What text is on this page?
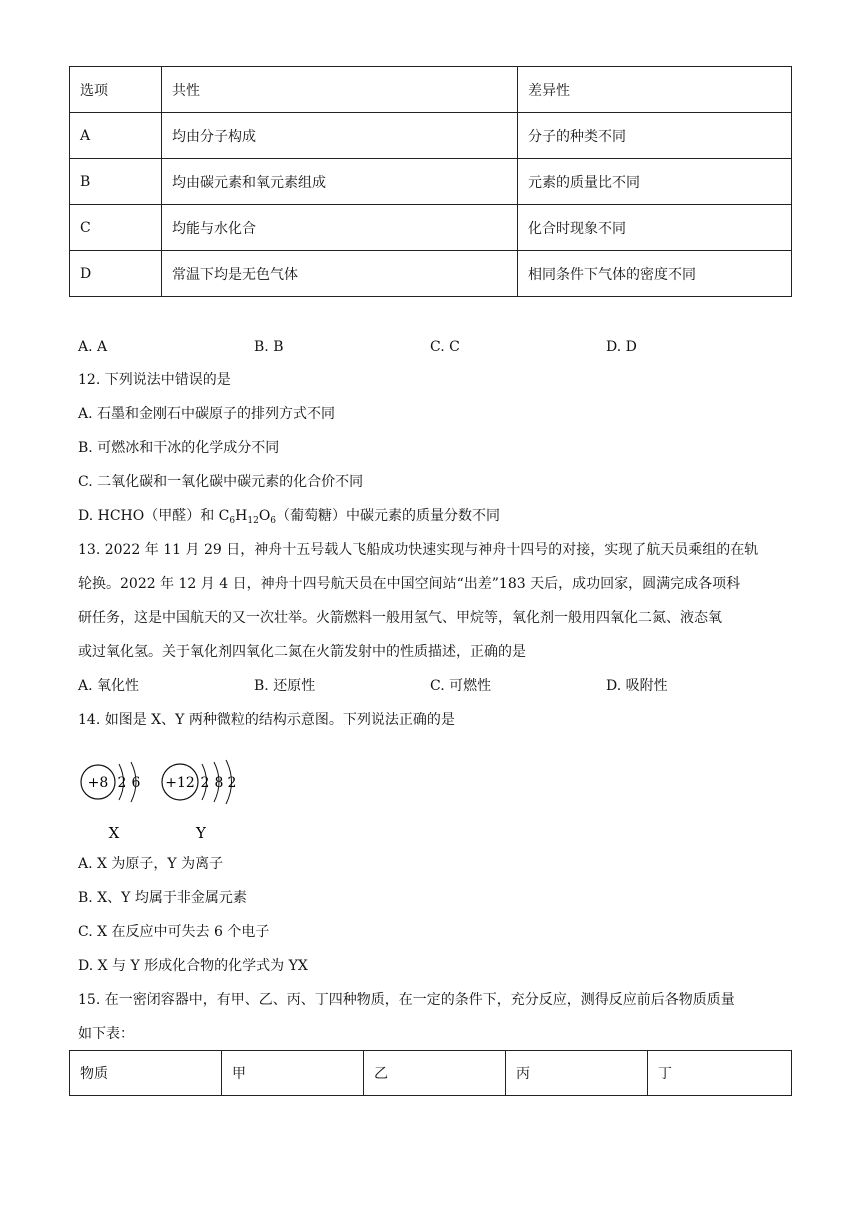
选项	共性	差异性
A	均由分子构成	分子的种类不同
B	均由碳元素和氧元素组成	元素的质量比不同
C	均能与水化合	化合时现象不同
D	常温下均是无色气体	相同条件下气体的密度不同
A. A	B. B	C. C	D. D
12. 下列说法中错误的是
A. 石墨和金刚石中碳原子的排列方式不同
B. 可燃冰和干冰的化学成分不同
C. 二氧化碳和一氧化碳中碳元素的化合价不同
D. HCHO（甲醛）和 $C_6H_{12}O_6$（葡萄糖）中碳元素的质量分数不同
13. 2022 年 11 月 29 日，神舟十五号载人飞船成功快速实现与神舟十四号的对接，实现了航天员乘组的在轨
轮换。2022 年 12 月 4 日，神舟十四号航天员在中国空间站“出差”183 天后，成功回家，圆满完成各项科
研任务，这是中国航天的又一次壮举。火箭燃料一般用氢气、甲烷等，氧化剂一般用四氧化二氮、液态氧
或过氧化氢。关于氧化剂四氧化二氮在火箭发射中的性质描述，正确的是
A. 氧化性	B. 还原性	C. 可燃性	D. 吸附性
14. 如图是 X、Y 两种微粒的结构示意图。下列说法正确的是
+8 2 6
X
+12 2 8 2
Y
A. X 为原子，Y 为离子
B. X、Y 均属于非金属元素
C. X 在反应中可失去 6 个电子
D. X 与 Y 形成化合物的化学式为 YX
15. 在一密闭容器中，有甲、乙、丙、丁四种物质，在一定的条件下，充分反应，测得反应前后各物质质量
如下表：
物质	甲	乙	丙	丁
